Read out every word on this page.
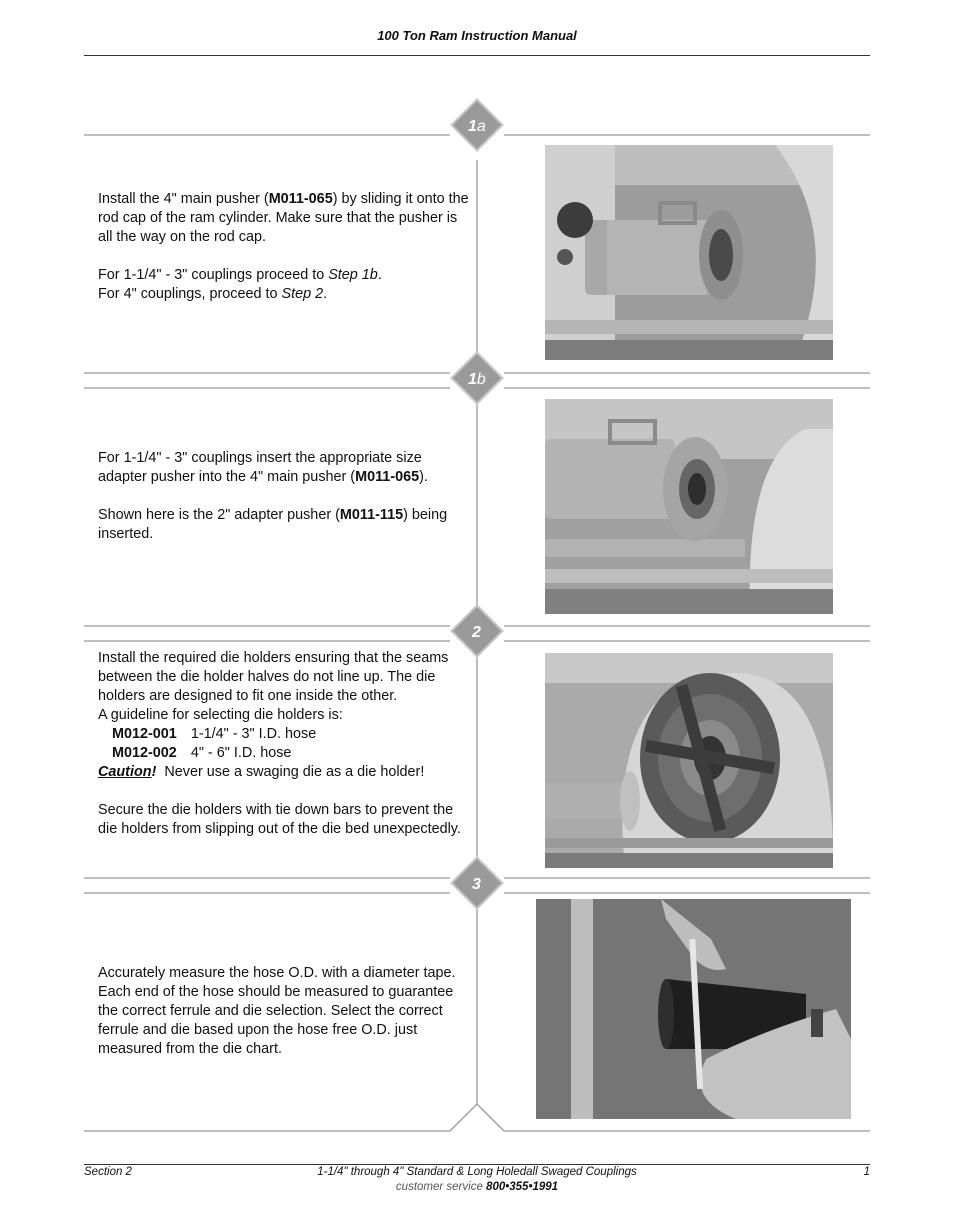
100 Ton Ram Instruction Manual
1a
1b
2
3

Install the 4" main pusher (M011-065) by sliding it onto the rod cap of the ram cylinder. Make sure that the pusher is all the way on the rod cap.

For 1-1/4" - 3" couplings proceed to Step 1b.

For 4" couplings, proceed to Step 2.

For 1-1/4" - 3" couplings insert the appropriate size adapter pusher into the 4" main pusher (M011-065).

Shown here is the 2" adapter pusher (M011-115) being inserted.

Install the required die holders ensuring that the seams between the die holder halves do not line up. The die holders are designed to fit one inside the other.

A guideline for selecting die holders is:

M012-001 1-1/4" - 3" I.D. hose

M012-002 4" - 6" I.D. hose

Caution!  Never use a swaging die as a die holder!

Secure the die holders with tie down bars to prevent the die holders from slipping out of the die bed unexpectedly.

Accurately measure the hose O.D. with a diameter tape. Each end of the hose should be measured to guarantee the correct ferrule and die selection. Select the correct ferrule and die based upon the hose free O.D. just measured from the die chart.

Section 2	1-1/4" through 4" Standard & Long Holedall Swaged Couplings	1
customer service 800•355•1991
